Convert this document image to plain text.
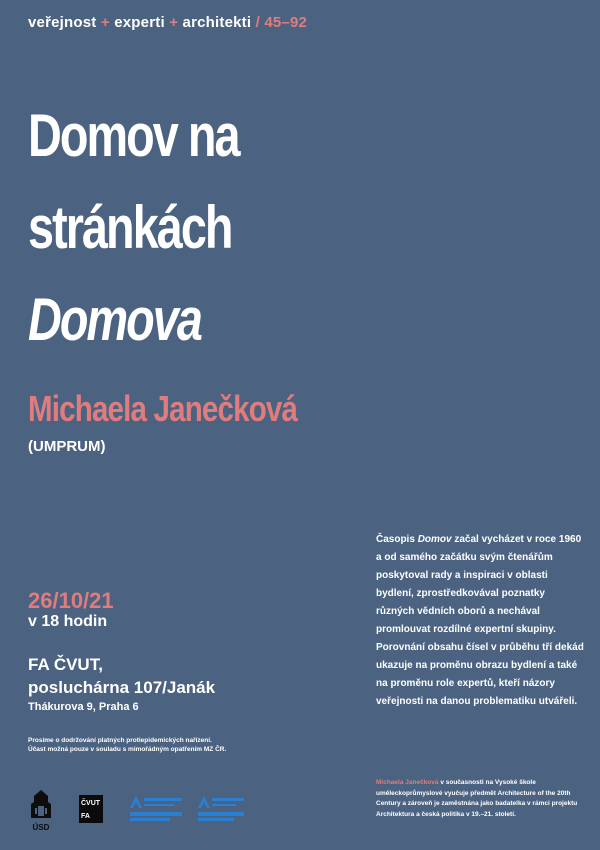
veřejnost + experti + architekti / 45–92
Domov na
stránkách
Domova
Michaela Janečková
(UMPRUM)
26/10/21
v 18 hodin
FA ČVUT,
posluchárna 107/Janák
Thákurova 9, Praha 6
Prosíme o dodržování platných protiepidemických nařízení.
Účast možná pouze v souladu s mimořádným opatřením MZ ČR.
Časopis Domov začal vycházet v roce 1960 a od samého začátku svým čtenářům poskytoval rady a inspiraci v oblasti bydlení, zprostředkovával poznatky různých vědních oborů a nechával promlouvat rozdílné expertní skupiny. Porovnání obsahu čísel v průběhu tří dekád ukazuje na proměnu obrazu bydlení a také na proměnu role expertů, kteří názory veřejnosti na danou problematiku utvářeli.
Michaela Janečková v současnosti na Vysoké škole uměleckoprůmyslové vyučuje předmět Architecture of the 20th Century a zároveň je zaměstnána jako badatelka v rámci projektu Architektura a česká politika v 19.–21. století.
ÚSD
ČVUT
FA
